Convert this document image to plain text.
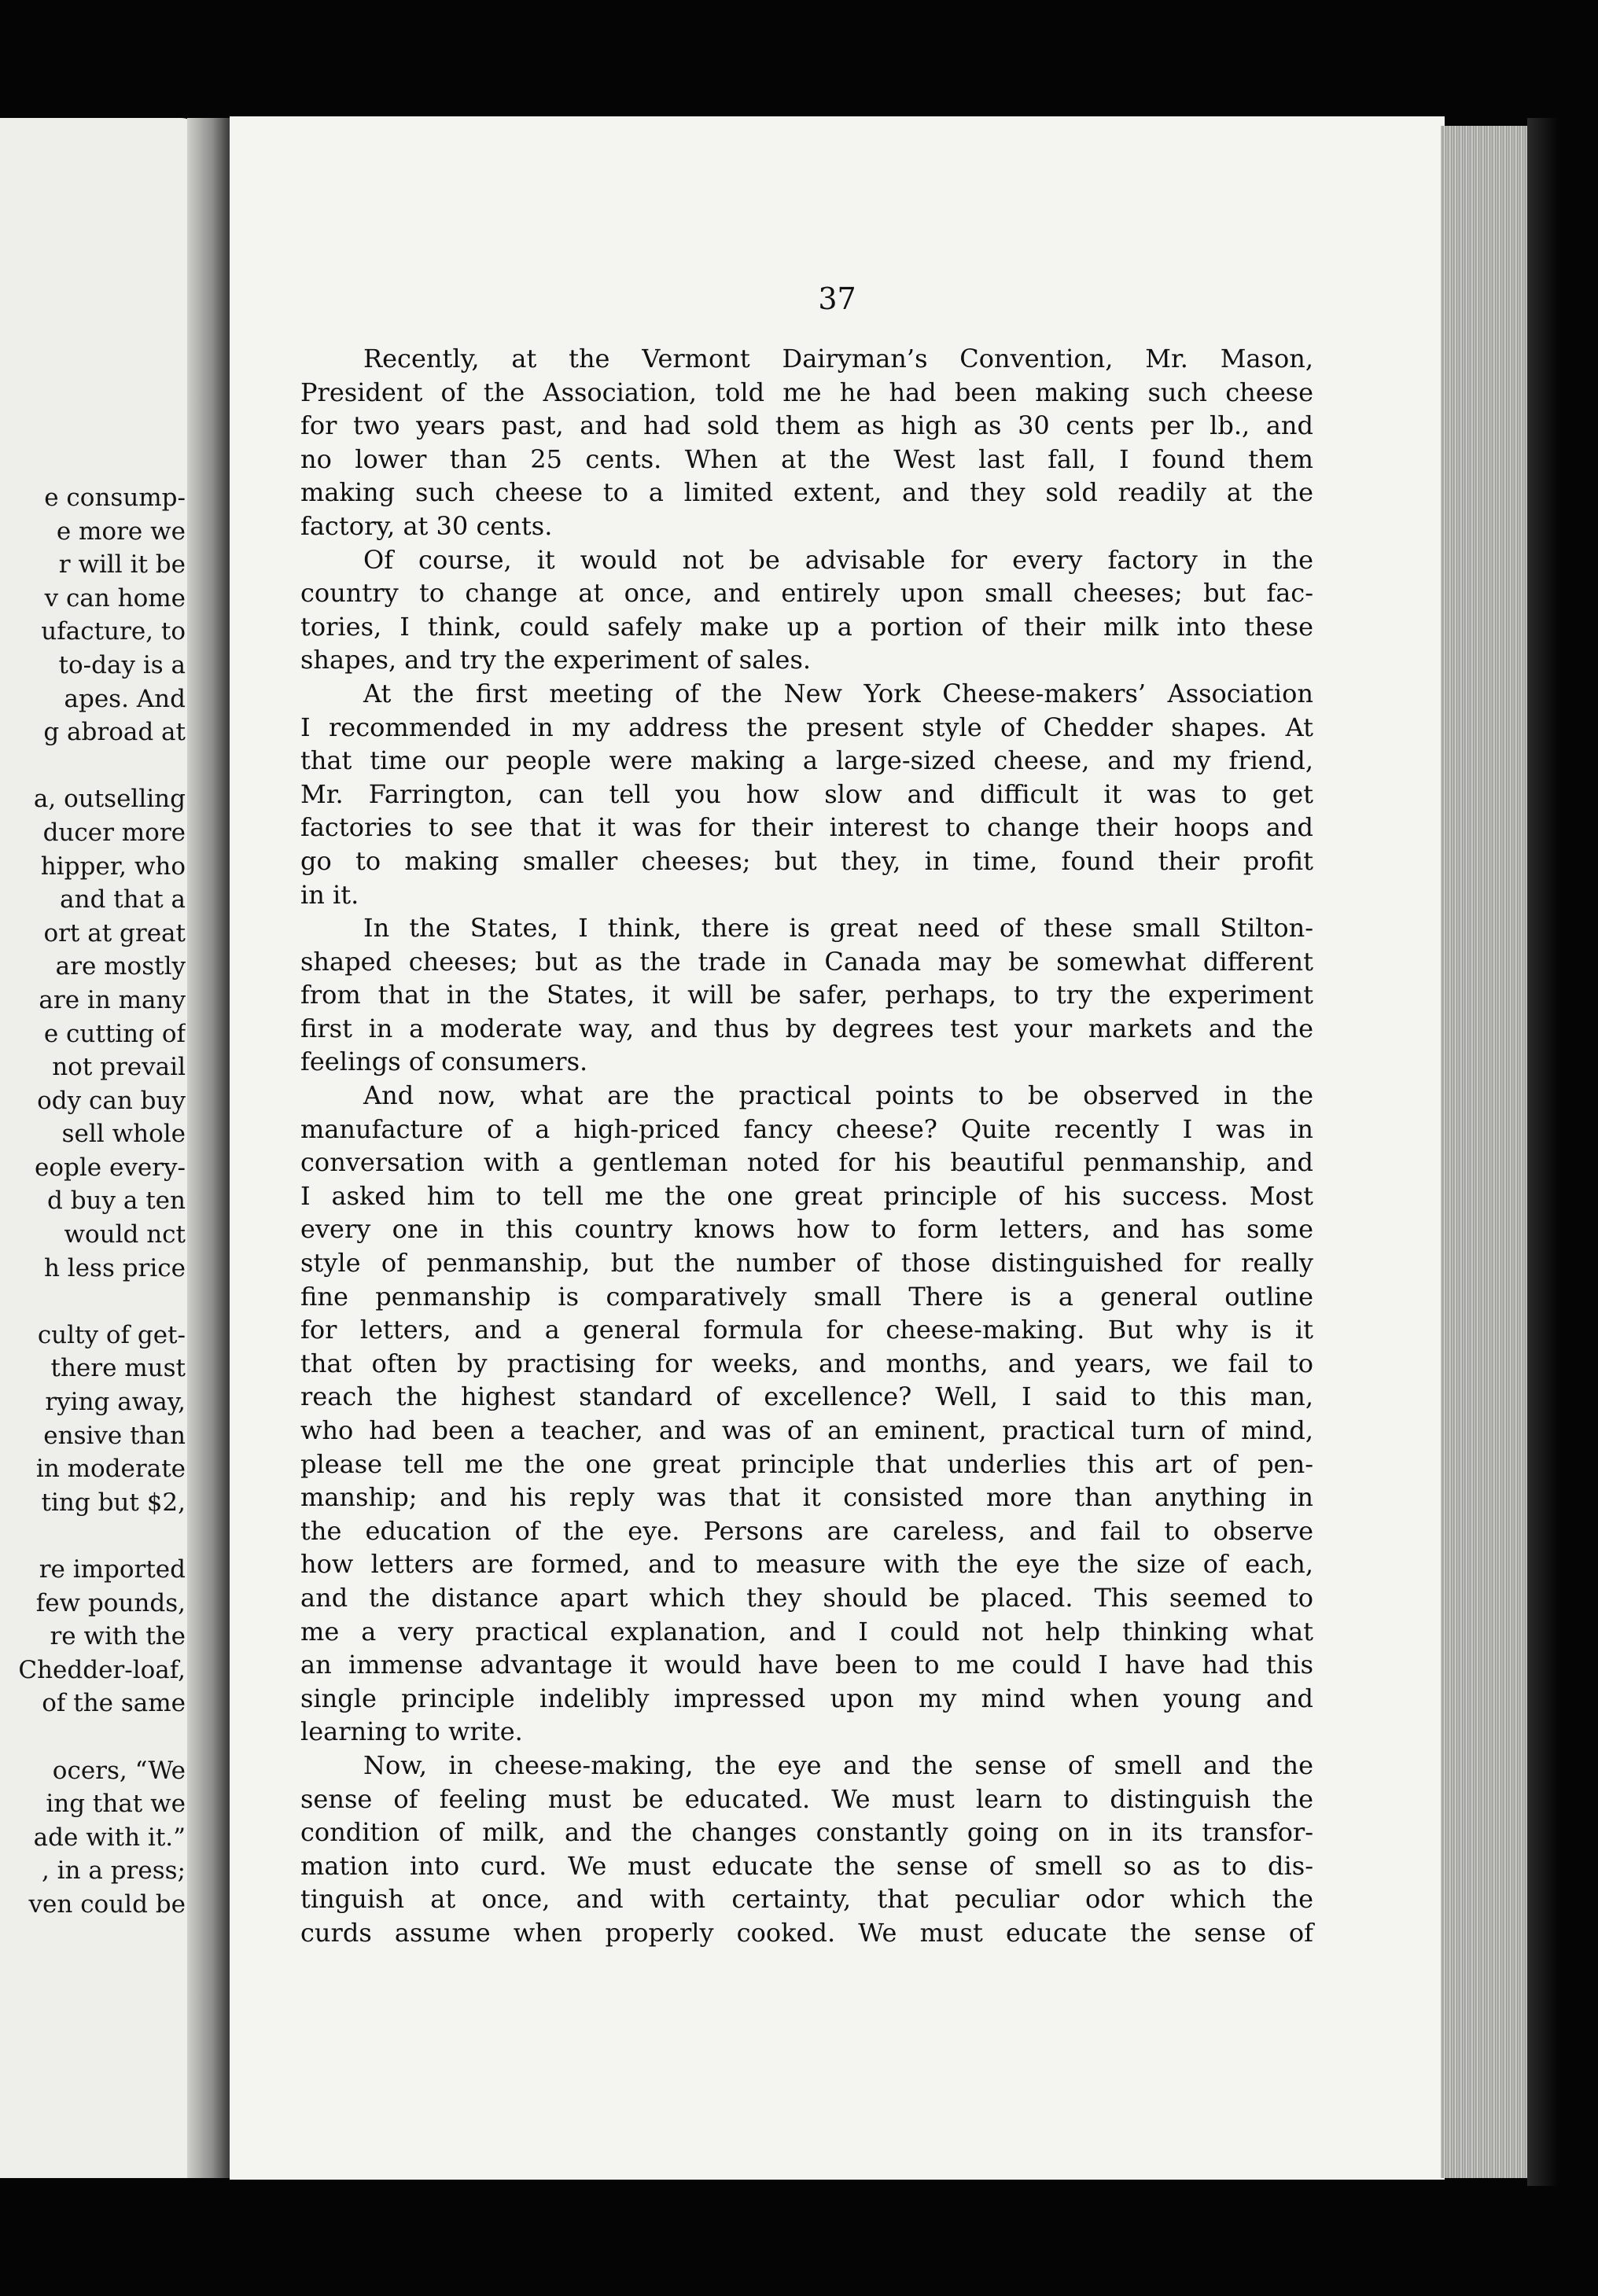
e consump-
e more we
r will it be
v can home
ufacture, to
to-day is a
apes. And
g abroad at
a, outselling
ducer more
hipper, who
and that a
ort at great
are mostly
are in many
e cutting of
not prevail
ody can buy
sell whole
eople every-
d buy a ten
would nct
h less price
culty of get-
there must
rying away,
ensive than
in moderate
ting but $2,
re imported
few pounds,
re with the
Chedder-loaf,
of the same
ocers, “We
ing that we
ade with it.”
, in a press;
ven could be
37
Recently, at the Vermont Dairyman’s Convention, Mr. Mason,
President of the Association, told me he had been making such cheese
for two years past, and had sold them as high as 30 cents per lb., and
no lower than 25 cents. When at the West last fall, I found them
making such cheese to a limited extent, and they sold readily at the
factory, at 30 cents.
Of course, it would not be advisable for every factory in the
country to change at once, and entirely upon small cheeses; but fac-
tories, I think, could safely make up a portion of their milk into these
shapes, and try the experiment of sales.
At the first meeting of the New York Cheese-makers’ Association
I recommended in my address the present style of Chedder shapes. At
that time our people were making a large-sized cheese, and my friend,
Mr. Farrington, can tell you how slow and difficult it was to get
factories to see that it was for their interest to change their hoops and
go to making smaller cheeses; but they, in time, found their profit
in it.
In the States, I think, there is great need of these small Stilton-
shaped cheeses; but as the trade in Canada may be somewhat different
from that in the States, it will be safer, perhaps, to try the experiment
first in a moderate way, and thus by degrees test your markets and the
feelings of consumers.
And now, what are the practical points to be observed in the
manufacture of a high-priced fancy cheese? Quite recently I was in
conversation with a gentleman noted for his beautiful penmanship, and
I asked him to tell me the one great principle of his success. Most
every one in this country knows how to form letters, and has some
style of penmanship, but the number of those distinguished for really
fine penmanship is comparatively small There is a general outline
for letters, and a general formula for cheese-making. But why is it
that often by practising for weeks, and months, and years, we fail to
reach the highest standard of excellence? Well, I said to this man,
who had been a teacher, and was of an eminent, practical turn of mind,
please tell me the one great principle that underlies this art of pen-
manship; and his reply was that it consisted more than anything in
the education of the eye. Persons are careless, and fail to observe
how letters are formed, and to measure with the eye the size of each,
and the distance apart which they should be placed. This seemed to
me a very practical explanation, and I could not help thinking what
an immense advantage it would have been to me could I have had this
single principle indelibly impressed upon my mind when young and
learning to write.
Now, in cheese-making, the eye and the sense of smell and the
sense of feeling must be educated. We must learn to distinguish the
condition of milk, and the changes constantly going on in its transfor-
mation into curd. We must educate the sense of smell so as to dis-
tinguish at once, and with certainty, that peculiar odor which the
curds assume when properly cooked. We must educate the sense of
